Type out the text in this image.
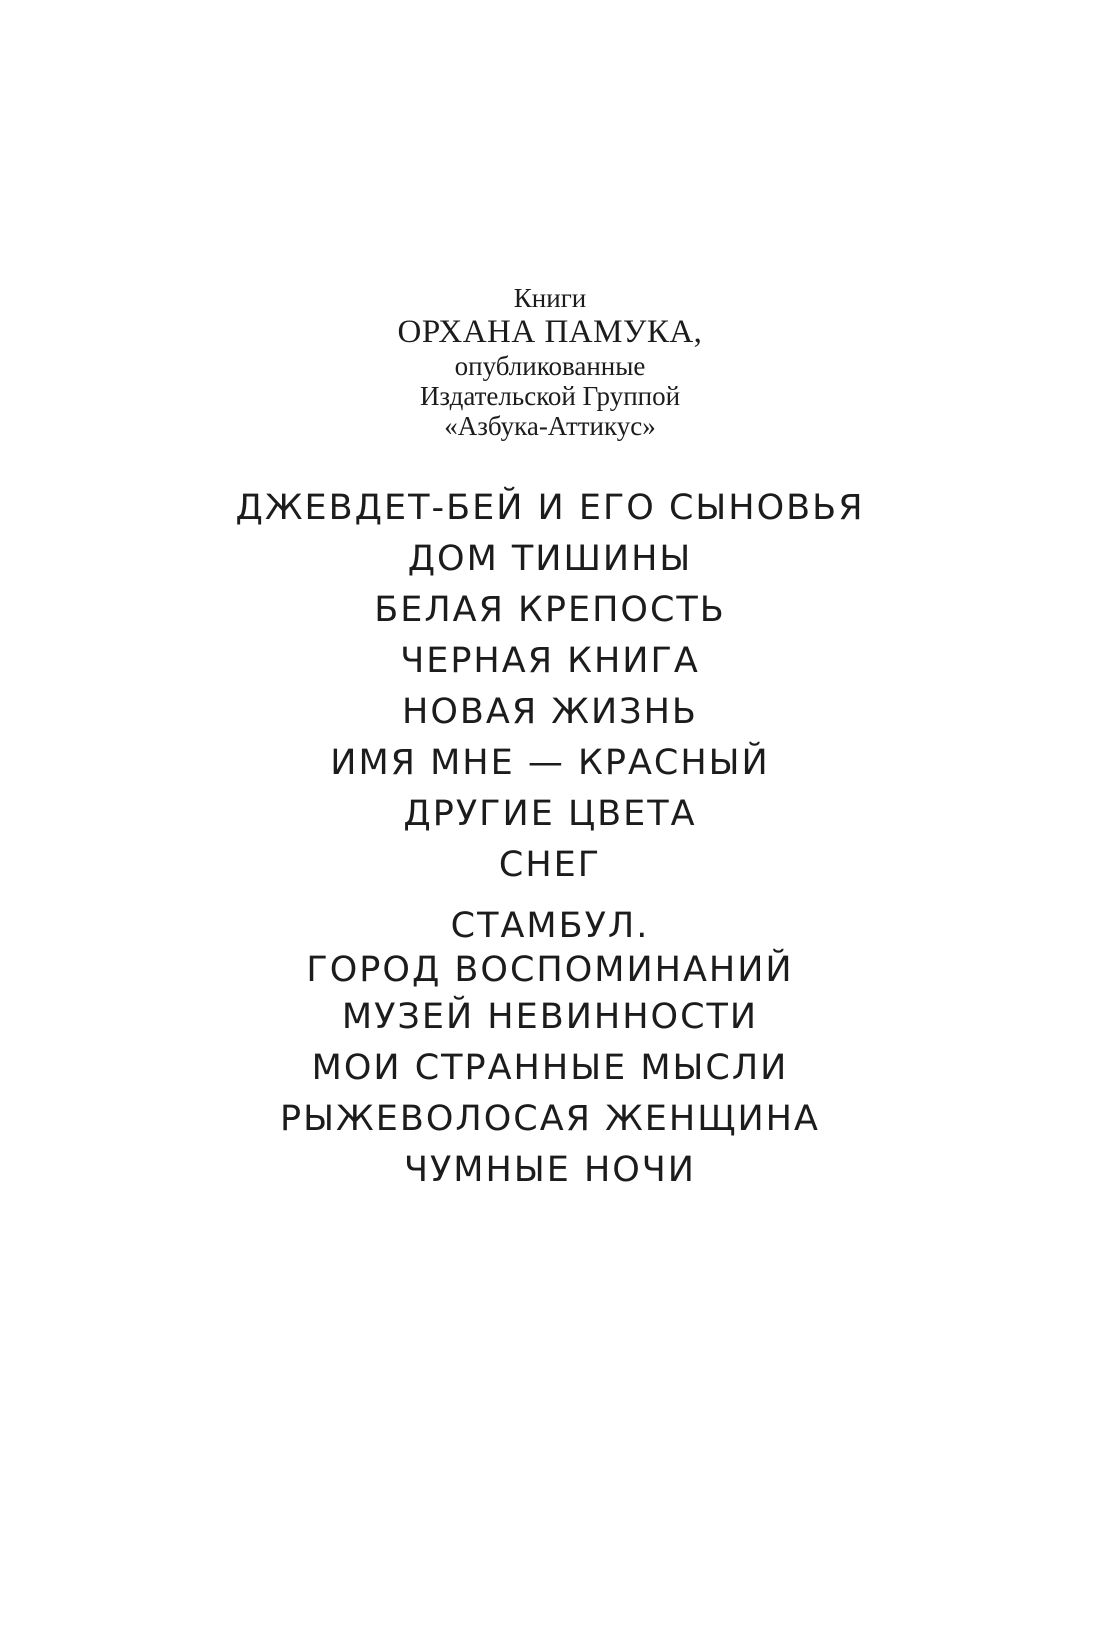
Книги
ОРХАНА ПАМУКА,
опубликованные
Издательской Группой
«Азбука-Аттикус»
ДЖЕВДЕТ-БЕЙ И ЕГО СЫНОВЬЯ
ДОМ ТИШИНЫ
БЕЛАЯ КРЕПОСТЬ
ЧЕРНАЯ КНИГА
НОВАЯ ЖИЗНЬ
ИМЯ МНЕ — КРАСНЫЙ
ДРУГИЕ ЦВЕТА
СНЕГ
СТАМБУЛ.
ГОРОД ВОСПОМИНАНИЙ
МУЗЕЙ НЕВИННОСТИ
МОИ СТРАННЫЕ МЫСЛИ
РЫЖЕВОЛОСАЯ ЖЕНЩИНА
ЧУМНЫЕ НОЧИ
